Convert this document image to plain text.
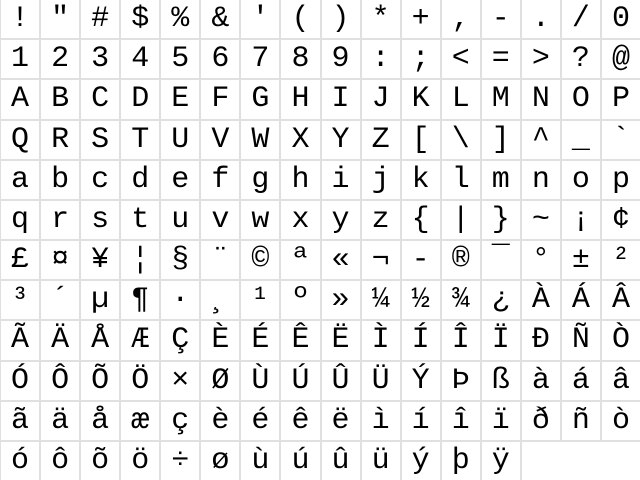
! " # $ % & ' ( ) * + , - . / 0
1 2 3 4 5 6 7 8 9 : ; < = > ? @
A B C D E F G H I J K L M N O P
Q R S T U V W X Y Z [ \ ] ^ _ `
a b c d e f g h i j k l m n o p
q r s t u v w x y z { | } ~ ¡ ¢
£ ¤ ¥ ¦ § ¨ © ª « ¬ - ® ¯ ° ± ²
³ ´ µ ¶ · ¸ ¹ º » ¼ ½ ¾ ¿ À Á Â
Ã Ä Å Æ Ç È É Ê Ë Ì Í Î Ï Ð Ñ Ò
Ó Ô Õ Ö × Ø Ù Ú Û Ü Ý Þ ß à á â
ã ä å æ ç è é ê ë ì í î ï ð ñ ò
ó ô õ ö ÷ ø ù ú û ü ý þ ÿ
